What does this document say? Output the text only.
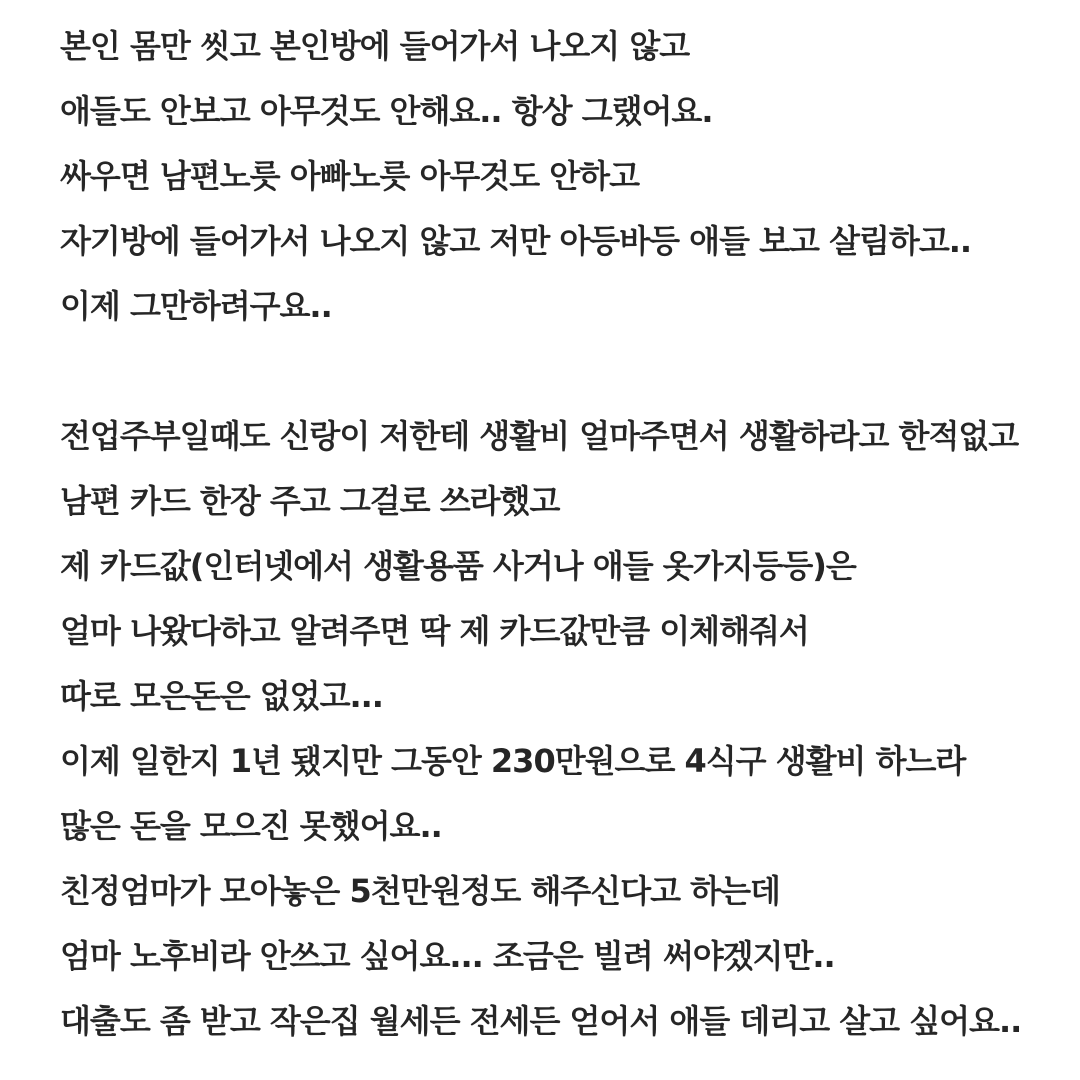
본인 몸만 씻고 본인방에 들어가서 나오지 않고
애들도 안보고 아무것도 안해요.. 항상 그랬어요.
싸우면 남편노릇 아빠노릇 아무것도 안하고
자기방에 들어가서 나오지 않고 저만 아등바등 애들 보고 살림하고..
이제 그만하려구요..
전업주부일때도 신랑이 저한테 생활비 얼마주면서 생활하라고 한적없고
남편 카드 한장 주고 그걸로 쓰라했고
제 카드값(인터넷에서 생활용품 사거나 애들 옷가지등등)은
얼마 나왔다하고 알려주면 딱 제 카드값만큼 이체해줘서
따로 모은돈은 없었고...
이제 일한지 1년 됐지만 그동안 230만원으로 4식구 생활비 하느라
많은 돈을 모으진 못했어요..
친정엄마가 모아놓은 5천만원정도 해주신다고 하는데
엄마 노후비라 안쓰고 싶어요... 조금은 빌려 써야겠지만..
대출도 좀 받고 작은집 월세든 전세든 얻어서 애들 데리고 살고 싶어요..
